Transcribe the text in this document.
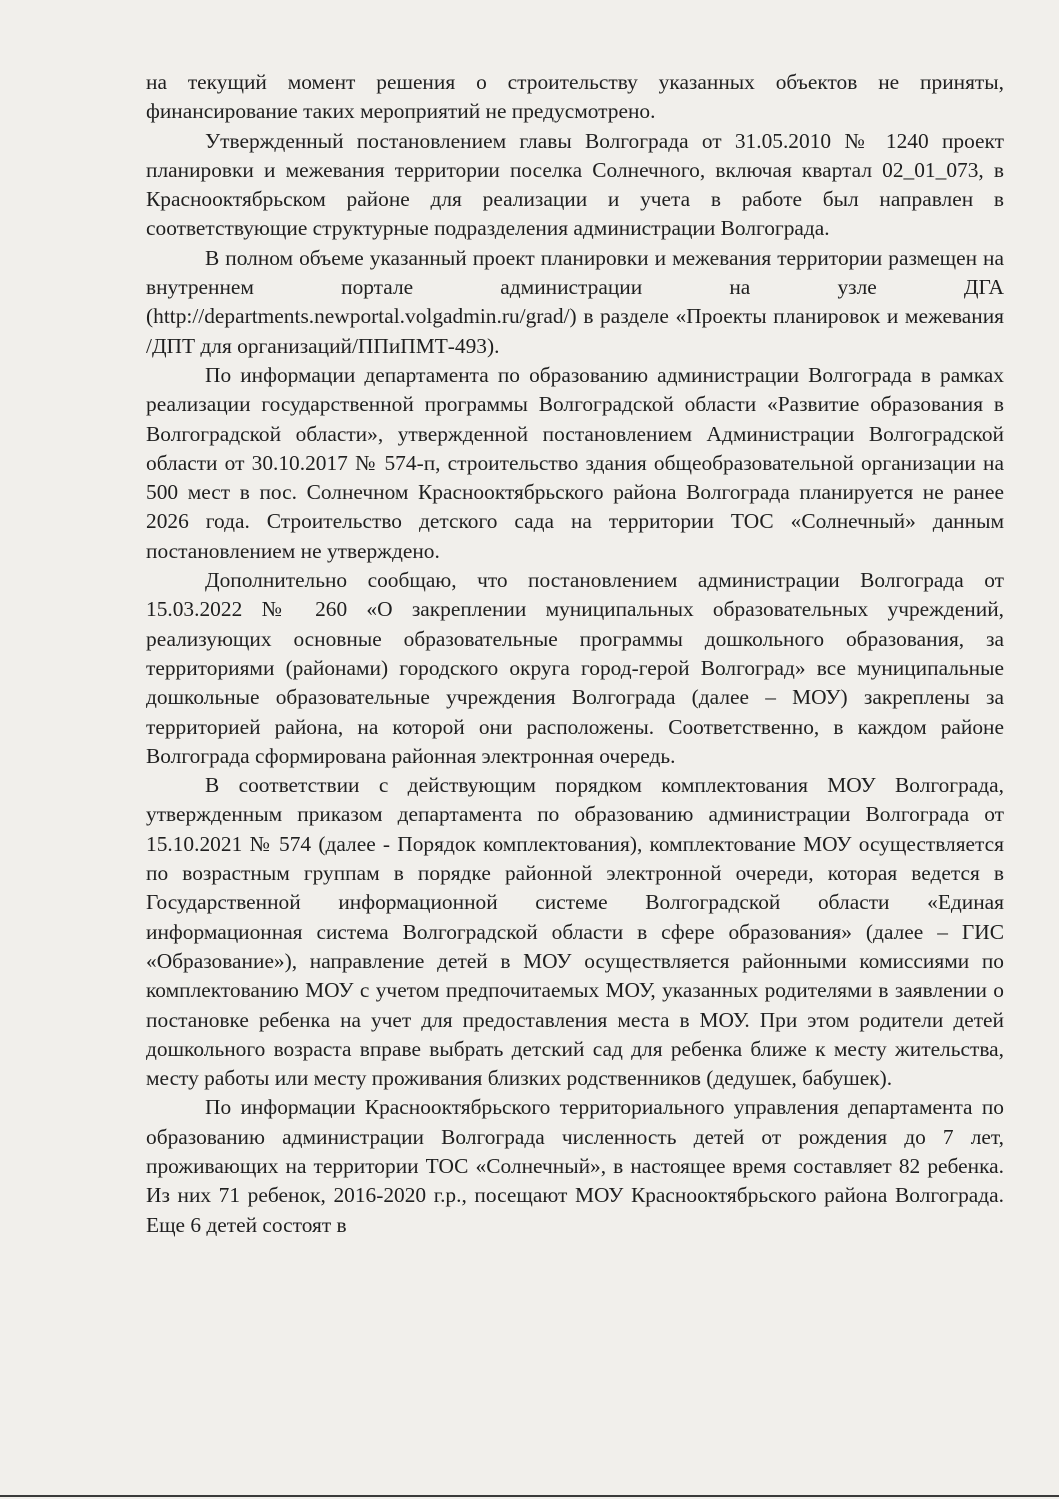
на текущий момент решения о строительству указанных объектов не приняты, финансирование таких мероприятий не предусмотрено.

Утвержденный постановлением главы Волгограда от 31.05.2010 № 1240 проект планировки и межевания территории поселка Солнечного, включая квартал 02_01_073, в Краснооктябрьском районе для реализации и учета в работе был направлен в соответствующие структурные подразделения администрации Волгограда.

В полном объеме указанный проект планировки и межевания территории размещен на внутреннем портале администрации на узле ДГА (http://departments.newportal.volgadmin.ru/grad/) в разделе «Проекты планировок и межевания /ДПТ для организаций/ППиПМТ-493).

По информации департамента по образованию администрации Волгограда в рамках реализации государственной программы Волгоградской области «Развитие образования в Волгоградской области», утвержденной постановлением Администрации Волгоградской области от 30.10.2017 № 574-п, строительство здания общеобразовательной организации на 500 мест в пос. Солнечном Краснооктябрьского района Волгограда планируется не ранее 2026 года. Строительство детского сада на территории ТОС «Солнечный» данным постановлением не утверждено.

Дополнительно сообщаю, что постановлением администрации Волгограда от 15.03.2022 № 260 «О закреплении муниципальных образовательных учреждений, реализующих основные образовательные программы дошкольного образования, за территориями (районами) городского округа город-герой Волгоград» все муниципальные дошкольные образовательные учреждения Волгограда (далее – МОУ) закреплены за территорией района, на которой они расположены. Соответственно, в каждом районе Волгограда сформирована районная электронная очередь.

В соответствии с действующим порядком комплектования МОУ Волгограда, утвержденным приказом департамента по образованию администрации Волгограда от 15.10.2021 № 574 (далее - Порядок комплектования), комплектование МОУ осуществляется по возрастным группам в порядке районной электронной очереди, которая ведется в Государственной информационной системе Волгоградской области «Единая информационная система Волгоградской области в сфере образования» (далее – ГИС «Образование»), направление детей в МОУ осуществляется районными комиссиями по комплектованию МОУ с учетом предпочитаемых МОУ, указанных родителями в заявлении о постановке ребенка на учет для предоставления места в МОУ. При этом родители детей дошкольного возраста вправе выбрать детский сад для ребенка ближе к месту жительства, месту работы или месту проживания близких родственников (дедушек, бабушек).

По информации Краснооктябрьского территориального управления департамента по образованию администрации Волгограда численность детей от рождения до 7 лет, проживающих на территории ТОС «Солнечный», в настоящее время составляет 82 ребенка. Из них 71 ребенок, 2016-2020 г.р., посещают МОУ Краснооктябрьского района Волгограда. Еще 6 детей состоят в
